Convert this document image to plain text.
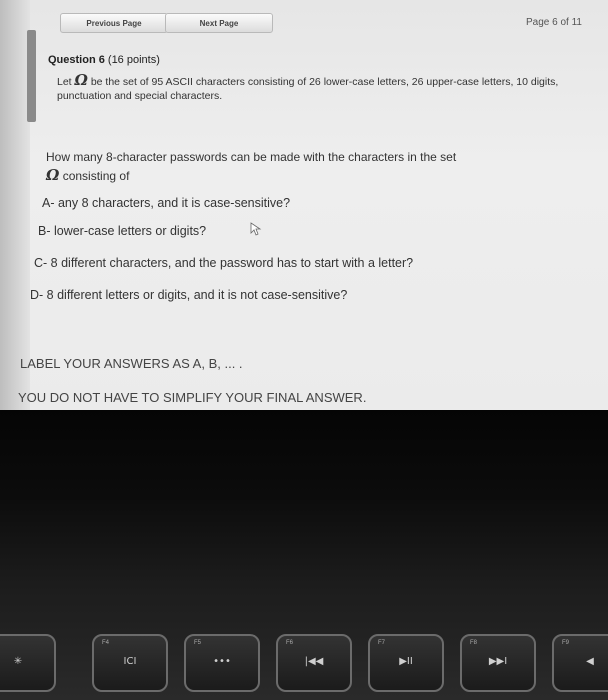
Previous Page	Next Page	Page 6 of 11
Question 6 (16 points)
Let Ω be the set of 95 ASCII characters consisting of 26 lower-case letters, 26 upper-case letters, 10 digits, punctuation and special characters.
How many 8-character passwords can be made with the characters in the set
Ω consisting of
A- any 8 characters, and it is case-sensitive?
B- lower-case letters or digits?
C- 8 different characters, and the password has to start with a letter?
D- 8 different letters or digits, and it is not case-sensitive?
LABEL YOUR ANSWERS AS A, B, ... .
YOU DO NOT HAVE TO SIMPLIFY YOUR FINAL ANSWER.
✳
F4
ICI
F5
•••
F6
|◀◀
F7
▶II
F8
▶▶I
F9
◀
